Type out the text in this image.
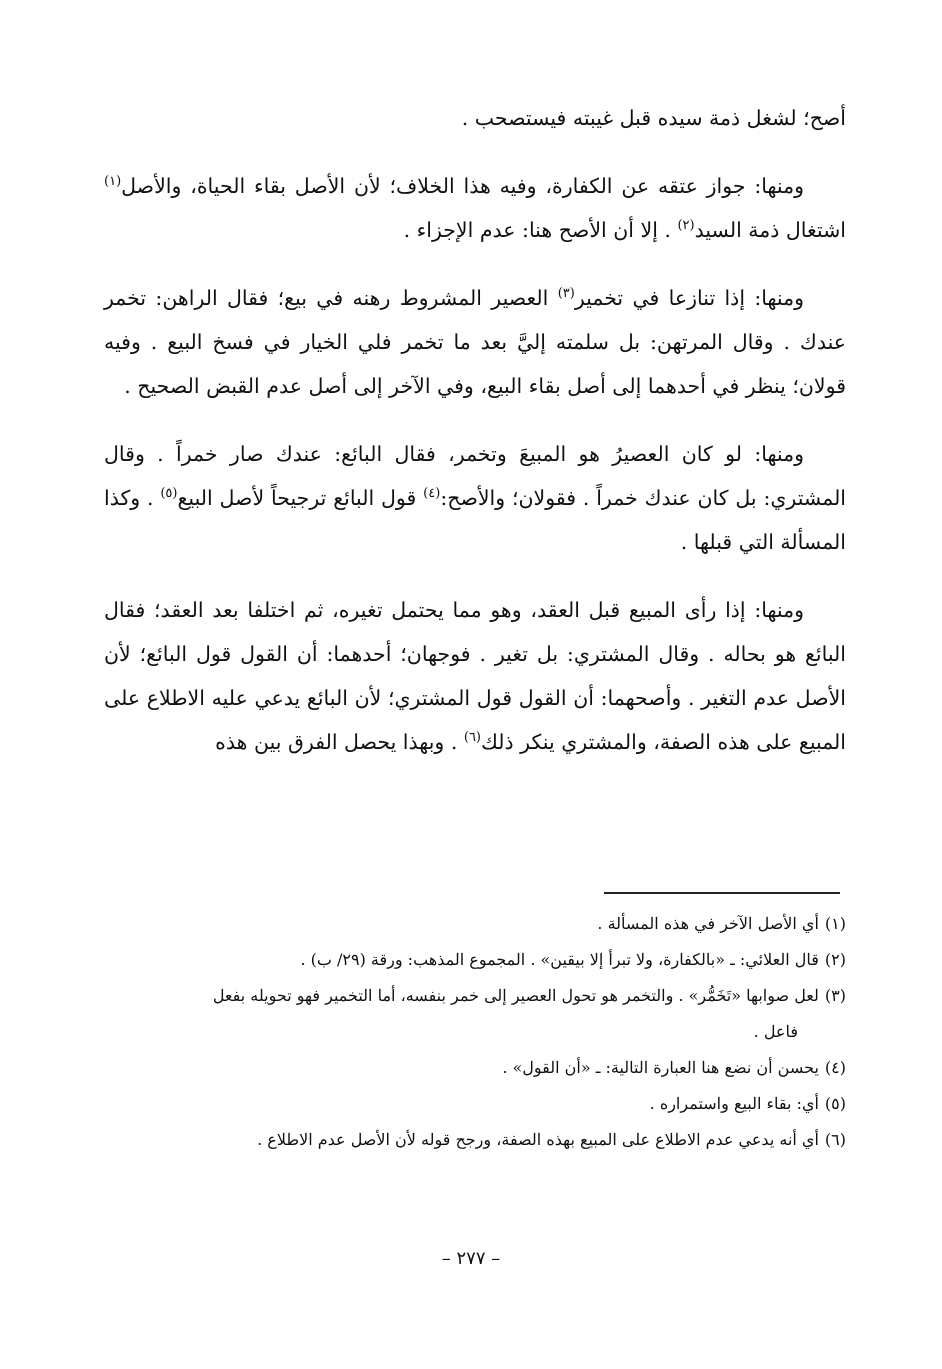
أصح؛ لشغل ذمة سيده قبل غيبته فيستصحب .

ومنها: جواز عتقه عن الكفارة، وفيه هذا الخلاف؛ لأن الأصل بقاء الحياة، والأصل$^{(١)}$ اشتغال ذمة السيد$^{(٢)}$ . إلا أن الأصح هنا: عدم الإجزاء .

ومنها: إذا تنازعا في تخمير$^{(٣)}$ العصير المشروط رهنه في بيع؛ فقال الراهن: تخمر عندك . وقال المرتهن: بل سلمته إليَّ بعد ما تخمر فلي الخيار في فسخ البيع . وفيه قولان؛ ينظر في أحدهما إلى أصل بقاء البيع، وفي الآخر إلى أصل عدم القبض الصحيح .

ومنها: لو كان العصيرُ هو المبيعَ وتخمر، فقال البائع: عندك صار خمراً . وقال المشتري: بل كان عندك خمراً . فقولان؛ والأصح:$^{(٤)}$ قول البائع ترجيحاً لأصل البيع$^{(٥)}$ . وكذا المسألة التي قبلها .

ومنها: إذا رأى المبيع قبل العقد، وهو مما يحتمل تغيره، ثم اختلفا بعد العقد؛ فقال البائع هو بحاله . وقال المشتري: بل تغير . فوجهان؛ أحدهما: أن القول قول البائع؛ لأن الأصل عدم التغير . وأصحهما: أن القول قول المشتري؛ لأن البائع يدعي عليه الاطلاع على المبيع على هذه الصفة، والمشتري ينكر ذلك$^{(٦)}$ . وبهذا يحصل الفرق بين هذه

(١)أي الأصل الآخر في هذه المسألة .

(٢)قال العلائي: ـ «بالكفارة، ولا تبرأ إلا بيقين» . المجموع المذهب: ورقة (٢٩/ ب) .

(٣)لعل صوابها «تَخَمُّر» . والتخمر هو تحول العصير إلى خمر بنفسه، أما التخمير فهو تحويله بفعل
فاعل .

(٤)يحسن أن نضع هنا العبارة التالية: ـ «أن القول» .

(٥)أي: بقاء البيع واستمراره .

(٦)أي أنه يدعي عدم الاطلاع على المبيع بهذه الصفة، ورجح قوله لأن الأصل عدم الاطلاع .

– ٢٧٧ –
